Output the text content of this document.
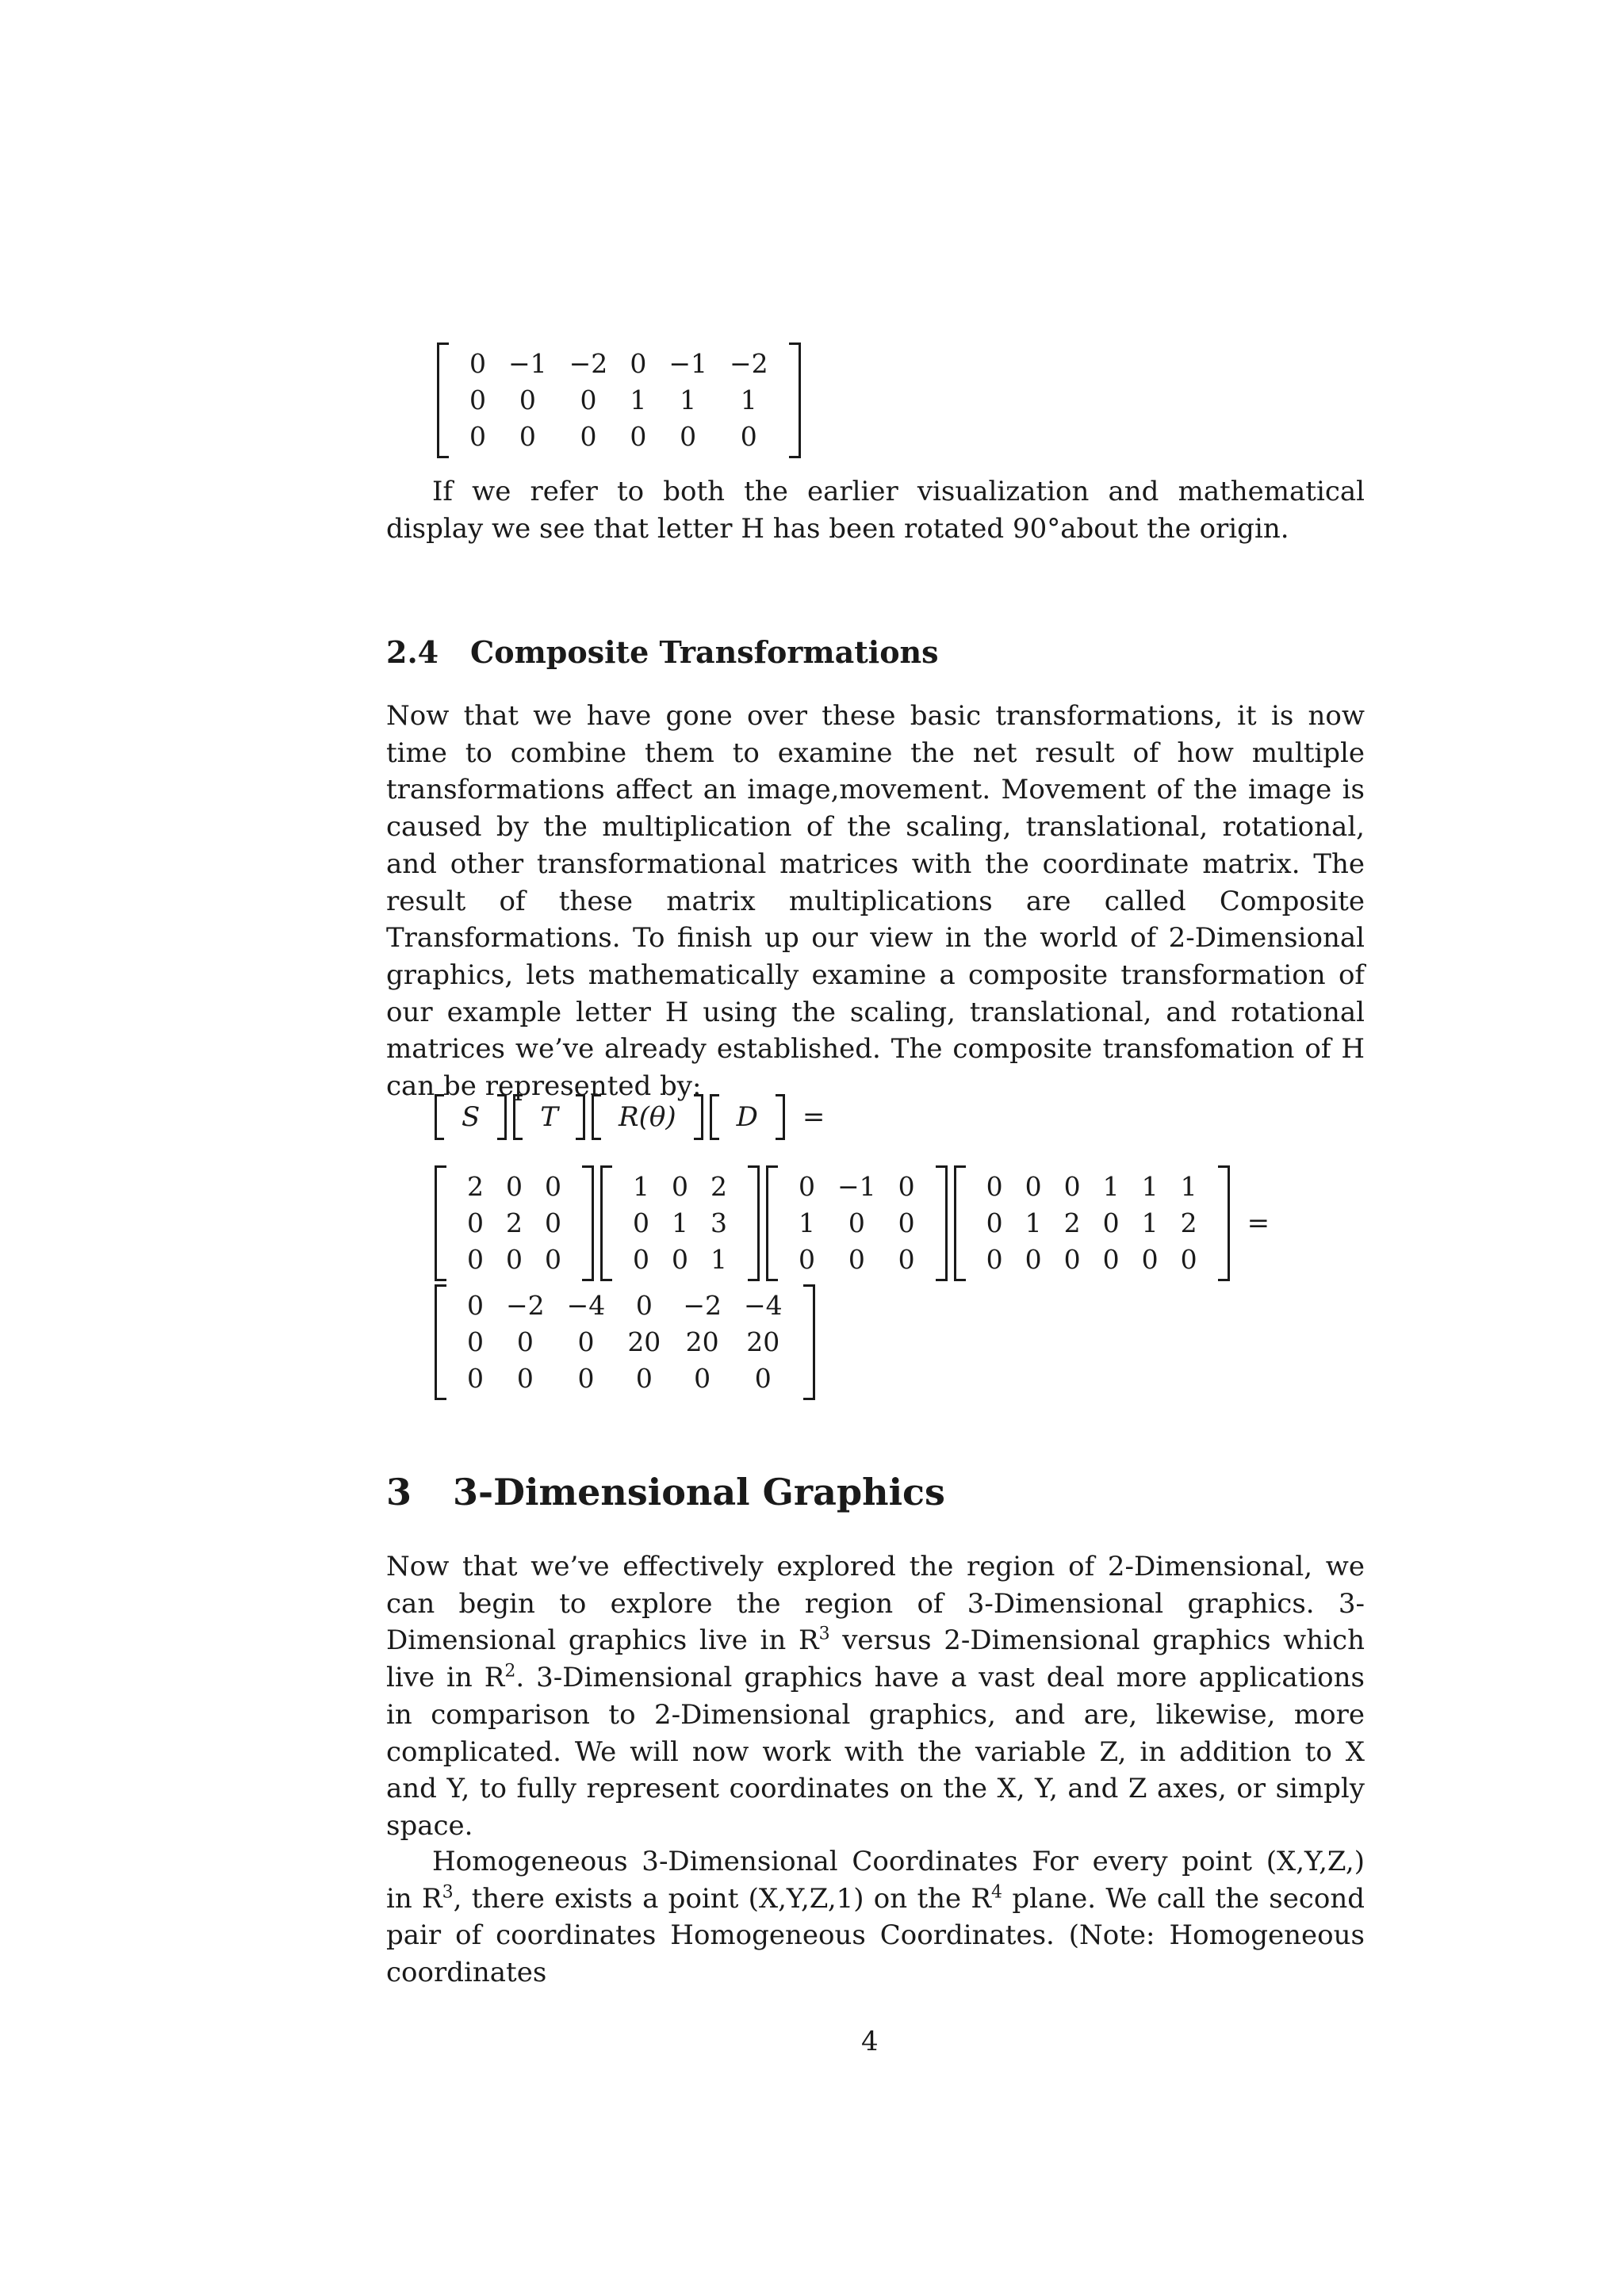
0	−1	−2	0	−1	−2
0	0	0	1	1	1
0	0	0	0	0	0

If we refer to both the earlier visualization and mathematical display we see that letter H has been rotated 90°about the origin.

2.4 Composite Transformations

Now that we have gone over these basic transformations, it is now time to combine them to examine the net result of how multiple transformations affect an image,movement. Movement of the image is caused by the multiplication of the scaling, translational, rotational, and other transformational matrices with the coordinate matrix. The result of these matrix multiplications are called Composite Transformations. To finish up our view in the world of 2-Dimensional graphics, lets mathematically examine a composite transformation of our example letter H using the scaling, translational, and rotational matrices we’ve already established. The composite transfomation of H can be represented by:

S	T	R(θ)	D	=
2	0	0
0	2	0
0	0	0
1	0	2
0	1	3
0	0	1
0	−1	0
1	0	0
0	0	0
0	0	0	1	1	1
0	1	2	0	1	2
0	0	0	0	0	0
=
0	−2	−4	0	−2	−4
0	0	0	20	20	20
0	0	0	0	0	0
3 3-Dimensional Graphics

Now that we’ve effectively explored the region of 2-Dimensional, we can begin to explore the region of 3-Dimensional graphics. 3-Dimensional graphics live in $R^3$ versus 2-Dimensional graphics which live in $R^2$. 3-Dimensional graphics have a vast deal more applications in comparison to 2-Dimensional graphics, and are, likewise, more complicated. We will now work with the variable Z, in addition to X and Y, to fully represent coordinates on the X, Y, and Z axes, or simply space.

Homogeneous 3-Dimensional Coordinates For every point (X,Y,Z,) in $R^3$, there exists a point (X,Y,Z,1) on the $R^4$ plane. We call the second pair of coordinates Homogeneous Coordinates. (Note: Homogeneous coordinates

4
